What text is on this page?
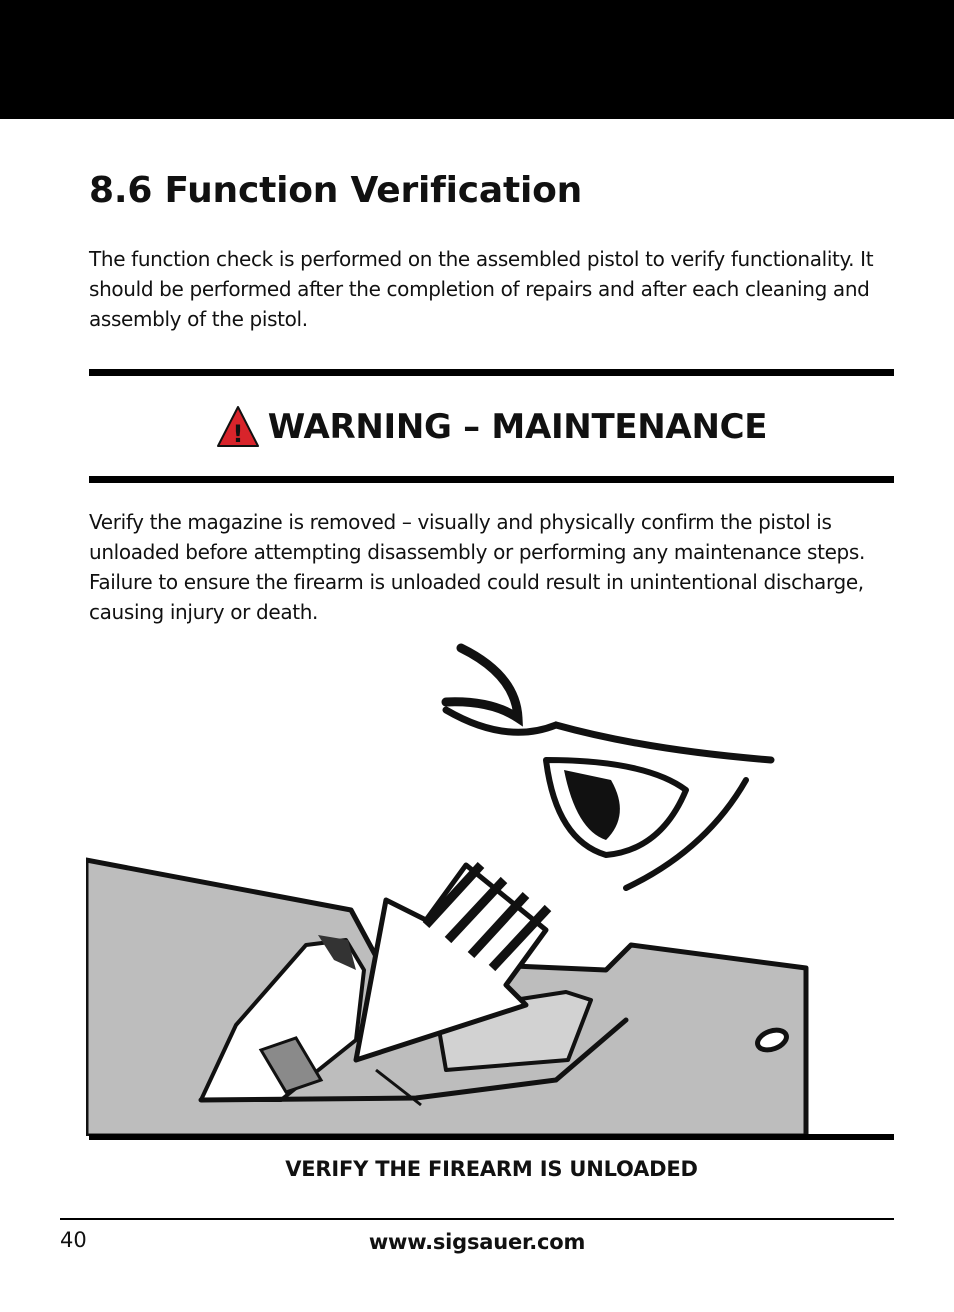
8.6 Function Verification

The function check is performed on the assembled pistol to verify functionality. It should be performed after the completion of repairs and after each cleaning and assembly of the pistol.

! WARNING – MAINTENANCE

Verify the magazine is removed – visually and physically confirm the pistol is unloaded before attempting disassembly or performing any maintenance steps. Failure to ensure the firearm is unloaded could result in unintentional discharge, causing injury or death.

VERIFY THE FIREARM IS UNLOADED
40	www.sigsauer.com
